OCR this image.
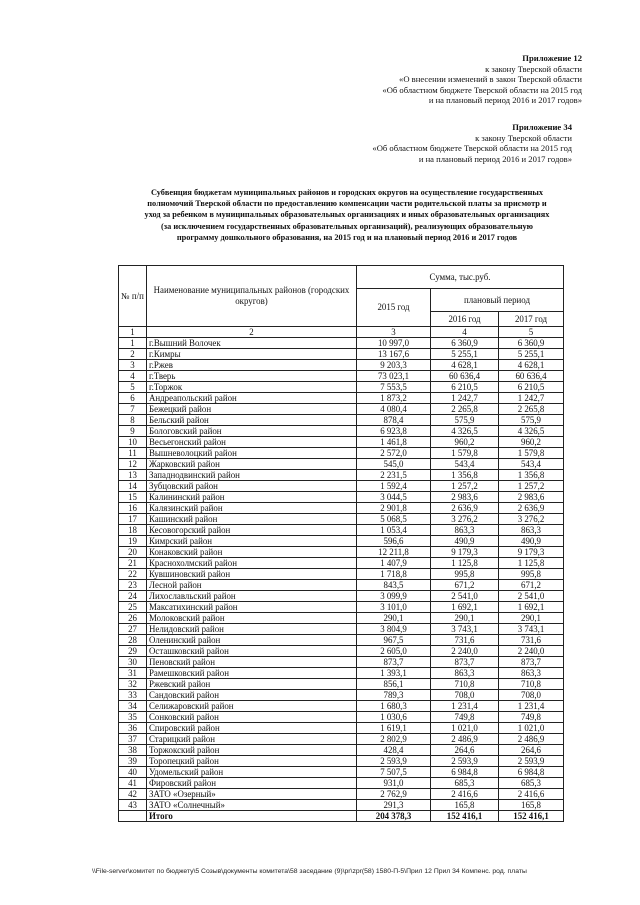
Приложение 12
к закону Тверской области
«О внесении изменений в закон Тверской области
«Об областном бюджете Тверской области на 2015 год
и на плановый период 2016 и 2017 годов»
Приложение 34
к закону Тверской области
«Об областном бюджете Тверской области на 2015 год
и на плановый период 2016 и 2017 годов»
Субвенция бюджетам муниципальных районов и городских округов на осуществление государственных
полномочий Тверской области по предоставлению компенсации части родительской платы за присмотр и
уход за ребенком в муниципальных образовательных организациях и иных образовательных организациях
(за исключением государственных образовательных организаций), реализующих образовательную
программу дошкольного образования, на 2015 год и на плановый период 2016 и 2017 годов
№ п/п	Наименование муниципальных районов (городских округов)	Сумма, тыс.руб.		
		2015 год	плановый период	
			2016 год	2017 год
1	2	3	4	5
1	г.Вышний Волочек	10 997,0	6 360,9	6 360,9
2	г.Кимры	13 167,6	5 255,1	5 255,1
3	г.Ржев	9 203,3	4 628,1	4 628,1
4	г.Тверь	73 023,1	60 636,4	60 636,4
5	г.Торжок	7 553,5	6 210,5	6 210,5
6	Андреапольский район	1 873,2	1 242,7	1 242,7
7	Бежецкий район	4 080,4	2 265,8	2 265,8
8	Бельский район	878,4	575,9	575,9
9	Бологовский район	6 923,8	4 326,5	4 326,5
10	Весьегонский район	1 461,8	960,2	960,2
11	Вышневолоцкий район	2 572,0	1 579,8	1 579,8
12	Жарковский район	545,0	543,4	543,4
13	Западнодвинский район	2 231,5	1 356,8	1 356,8
14	Зубцовский район	1 592,4	1 257,2	1 257,2
15	Калининский район	3 044,5	2 983,6	2 983,6
16	Калязинский район	2 901,8	2 636,9	2 636,9
17	Кашинский район	5 068,5	3 276,2	3 276,2
18	Кесовогорский район	1 053,4	863,3	863,3
19	Кимрский район	596,6	490,9	490,9
20	Конаковский район	12 211,8	9 179,3	9 179,3
21	Краснохолмский район	1 407,9	1 125,8	1 125,8
22	Кувшиновский район	1 718,8	995,8	995,8
23	Лесной район	843,5	671,2	671,2
24	Лихославльский район	3 099,9	2 541,0	2 541,0
25	Максатихинский район	3 101,0	1 692,1	1 692,1
26	Молоковский район	290,1	290,1	290,1
27	Нелидовский район	3 804,9	3 743,1	3 743,1
28	Оленинский район	967,5	731,6	731,6
29	Осташковский район	2 605,0	2 240,0	2 240,0
30	Пеновский район	873,7	873,7	873,7
31	Рамешковский район	1 393,1	863,3	863,3
32	Ржевский район	856,1	710,8	710,8
33	Сандовский район	789,3	708,0	708,0
34	Селижаровский район	1 680,3	1 231,4	1 231,4
35	Сонковский район	1 030,6	749,8	749,8
36	Спировский район	1 619,1	1 021,0	1 021,0
37	Старицкий район	2 802,9	2 486,9	2 486,9
38	Торжокский район	428,4	264,6	264,6
39	Торопецкий район	2 593,9	2 593,9	2 593,9
40	Удомельский район	7 507,5	6 984,8	6 984,8
41	Фировский район	931,0	685,3	685,3
42	ЗАТО «Озерный»	2 762,9	2 416,6	2 416,6
43	ЗАТО «Солнечный»	291,3	165,8	165,8
	Итого	204 378,3	152 416,1	152 416,1
\\File-server\комитет по бюджету\5 Созыв\документы комитета\58 заседание (9)\pr\zpr(58) 1580-П-5\Прил 12 Прил 34 Компенс. род. платы
